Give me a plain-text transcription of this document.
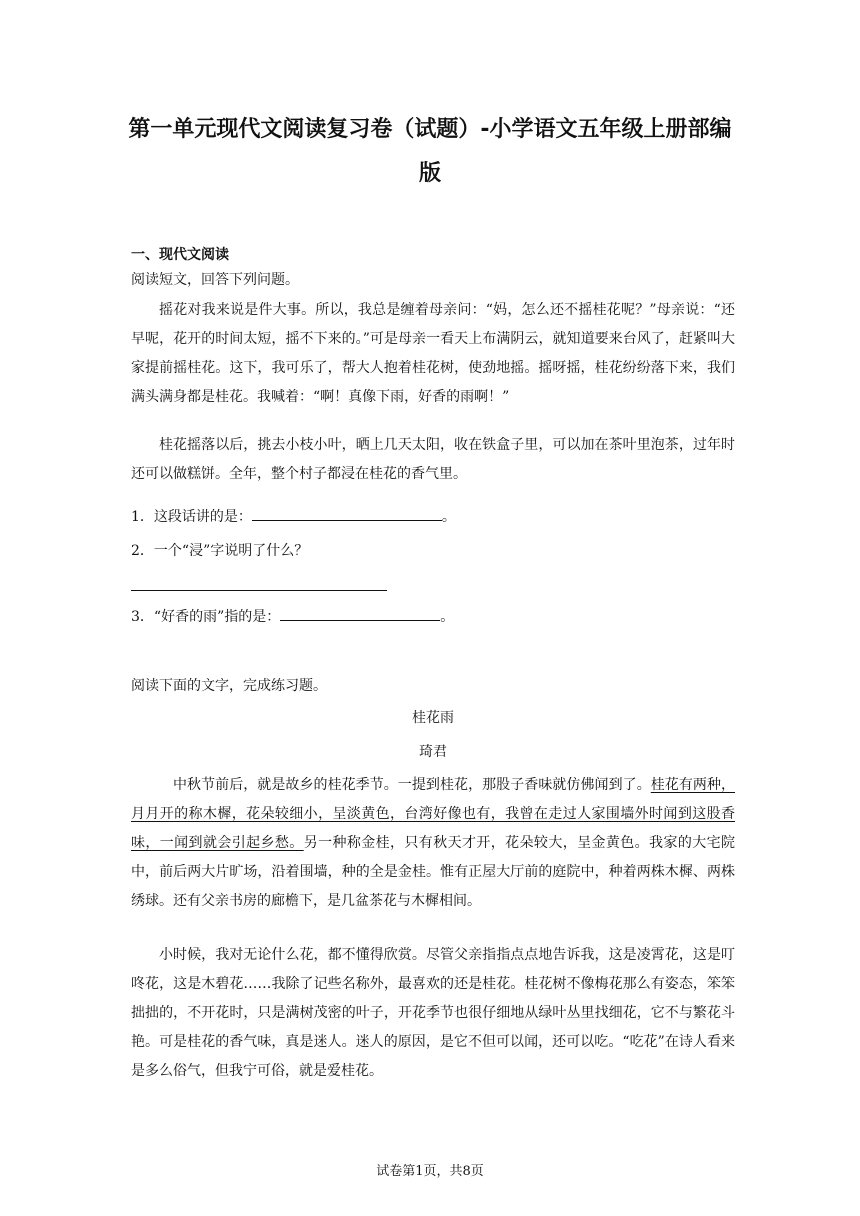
第一单元现代文阅读复习卷（试题）-小学语文五年级上册部编版
一、现代文阅读

阅读短文，回答下列问题。

摇花对我来说是件大事。所以，我总是缠着母亲问：“妈，怎么还不摇桂花呢？”母亲说：“还早呢，花开的时间太短，摇不下来的。”可是母亲一看天上布满阴云，就知道要来台风了，赶紧叫大家提前摇桂花。这下，我可乐了，帮大人抱着桂花树，使劲地摇。摇呀摇，桂花纷纷落下来，我们满头满身都是桂花。我喊着：“啊！真像下雨，好香的雨啊！”

桂花摇落以后，挑去小枝小叶，晒上几天太阳，收在铁盒子里，可以加在茶叶里泡茶，过年时还可以做糕饼。全年，整个村子都浸在桂花的香气里。

1．这段话讲的是：	。

2．一个“浸”字说明了什么？

3．“好香的雨”指的是：	。

阅读下面的文字，完成练习题。

桂花雨

琦君

中秋节前后，就是故乡的桂花季节。一提到桂花，那股子香味就仿佛闻到了。桂花有两种，月月开的称木樨，花朵较细小，呈淡黄色，台湾好像也有，我曾在走过人家围墙外时闻到这股香味，一闻到就会引起乡愁。另一种称金桂，只有秋天才开，花朵较大，呈金黄色。我家的大宅院中，前后两大片旷场，沿着围墙，种的全是金桂。惟有正屋大厅前的庭院中，种着两株木樨、两株绣球。还有父亲书房的廊檐下，是几盆茶花与木樨相间。

小时候，我对无论什么花，都不懂得欣赏。尽管父亲指指点点地告诉我，这是凌霄花，这是叮咚花，这是木碧花……我除了记些名称外，最喜欢的还是桂花。桂花树不像梅花那么有姿态，笨笨拙拙的，不开花时，只是满树茂密的叶子，开花季节也很仔细地从绿叶丛里找细花，它不与繁花斗艳。可是桂花的香气味，真是迷人。迷人的原因，是它不但可以闻，还可以吃。“吃花”在诗人看来是多么俗气，但我宁可俗，就是爱桂花。

试卷第1页，共8页
